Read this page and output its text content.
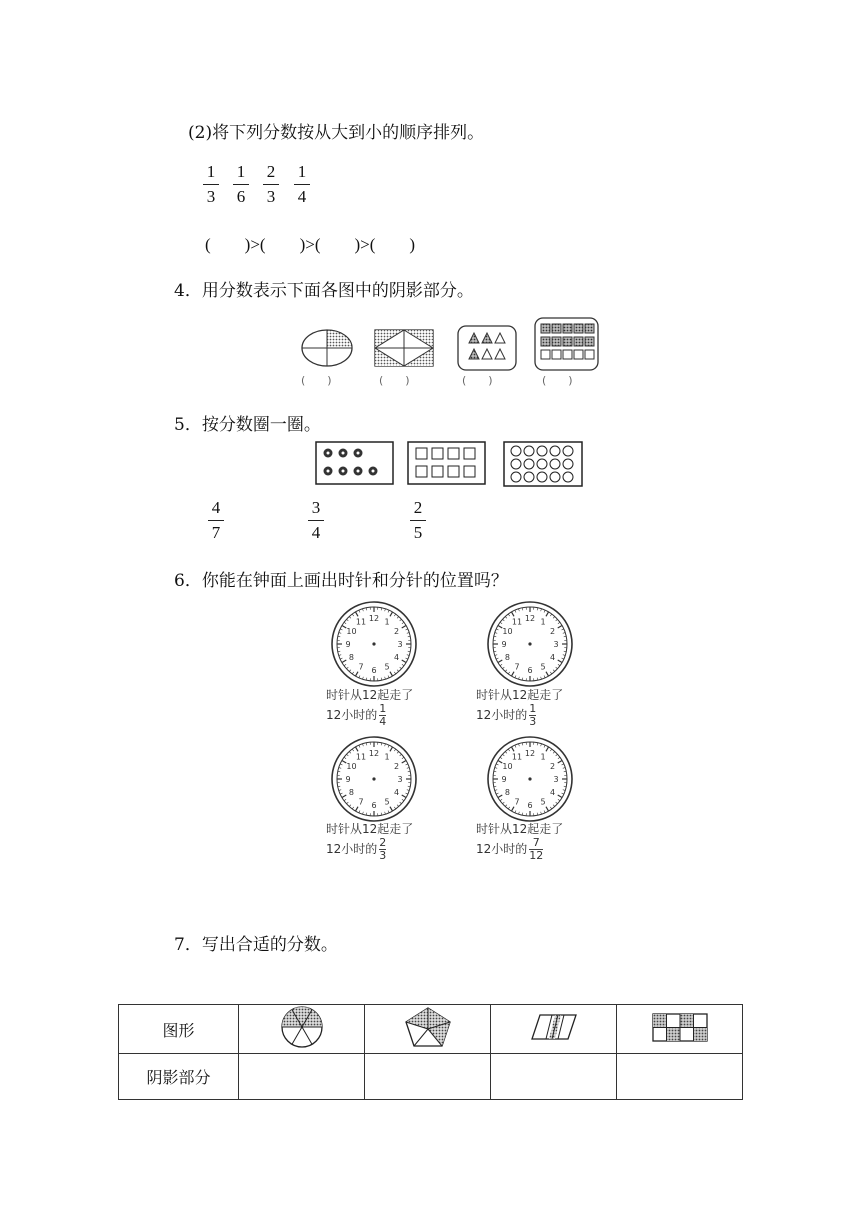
(2)将下列分数按从大到小的顺序排列。
1
3
1
6
2
3
1
4
(　　)>(　　)>(　　)>(　　)
4．用分数表示下面各图中的阴影部分。
(　　)	(　　)	(　　)	(　　)
5．按分数圈一圈。
4
7
3
4
2
5
6．你能在钟面上画出时针和分针的位置吗？
12 1
2
3
4
5
6
7
8
9
10
11	12 1
2
3
4
5
6
7
8
9
10
11
12 1
2
3
4
5
6
7
8
9
10
11	12 1
2
3
4
5
6
7
8
9
10
11
时针从12起走了
12小时的 $\frac{1}{4}$
时针从12起走了
12小时的 $\frac{1}{3}$
时针从12起走了
12小时的 $\frac{2}{3}$
时针从12起走了
12小时的 $\frac{7}{12}$
7．写出合适的分数。
图形				
阴影部分				
